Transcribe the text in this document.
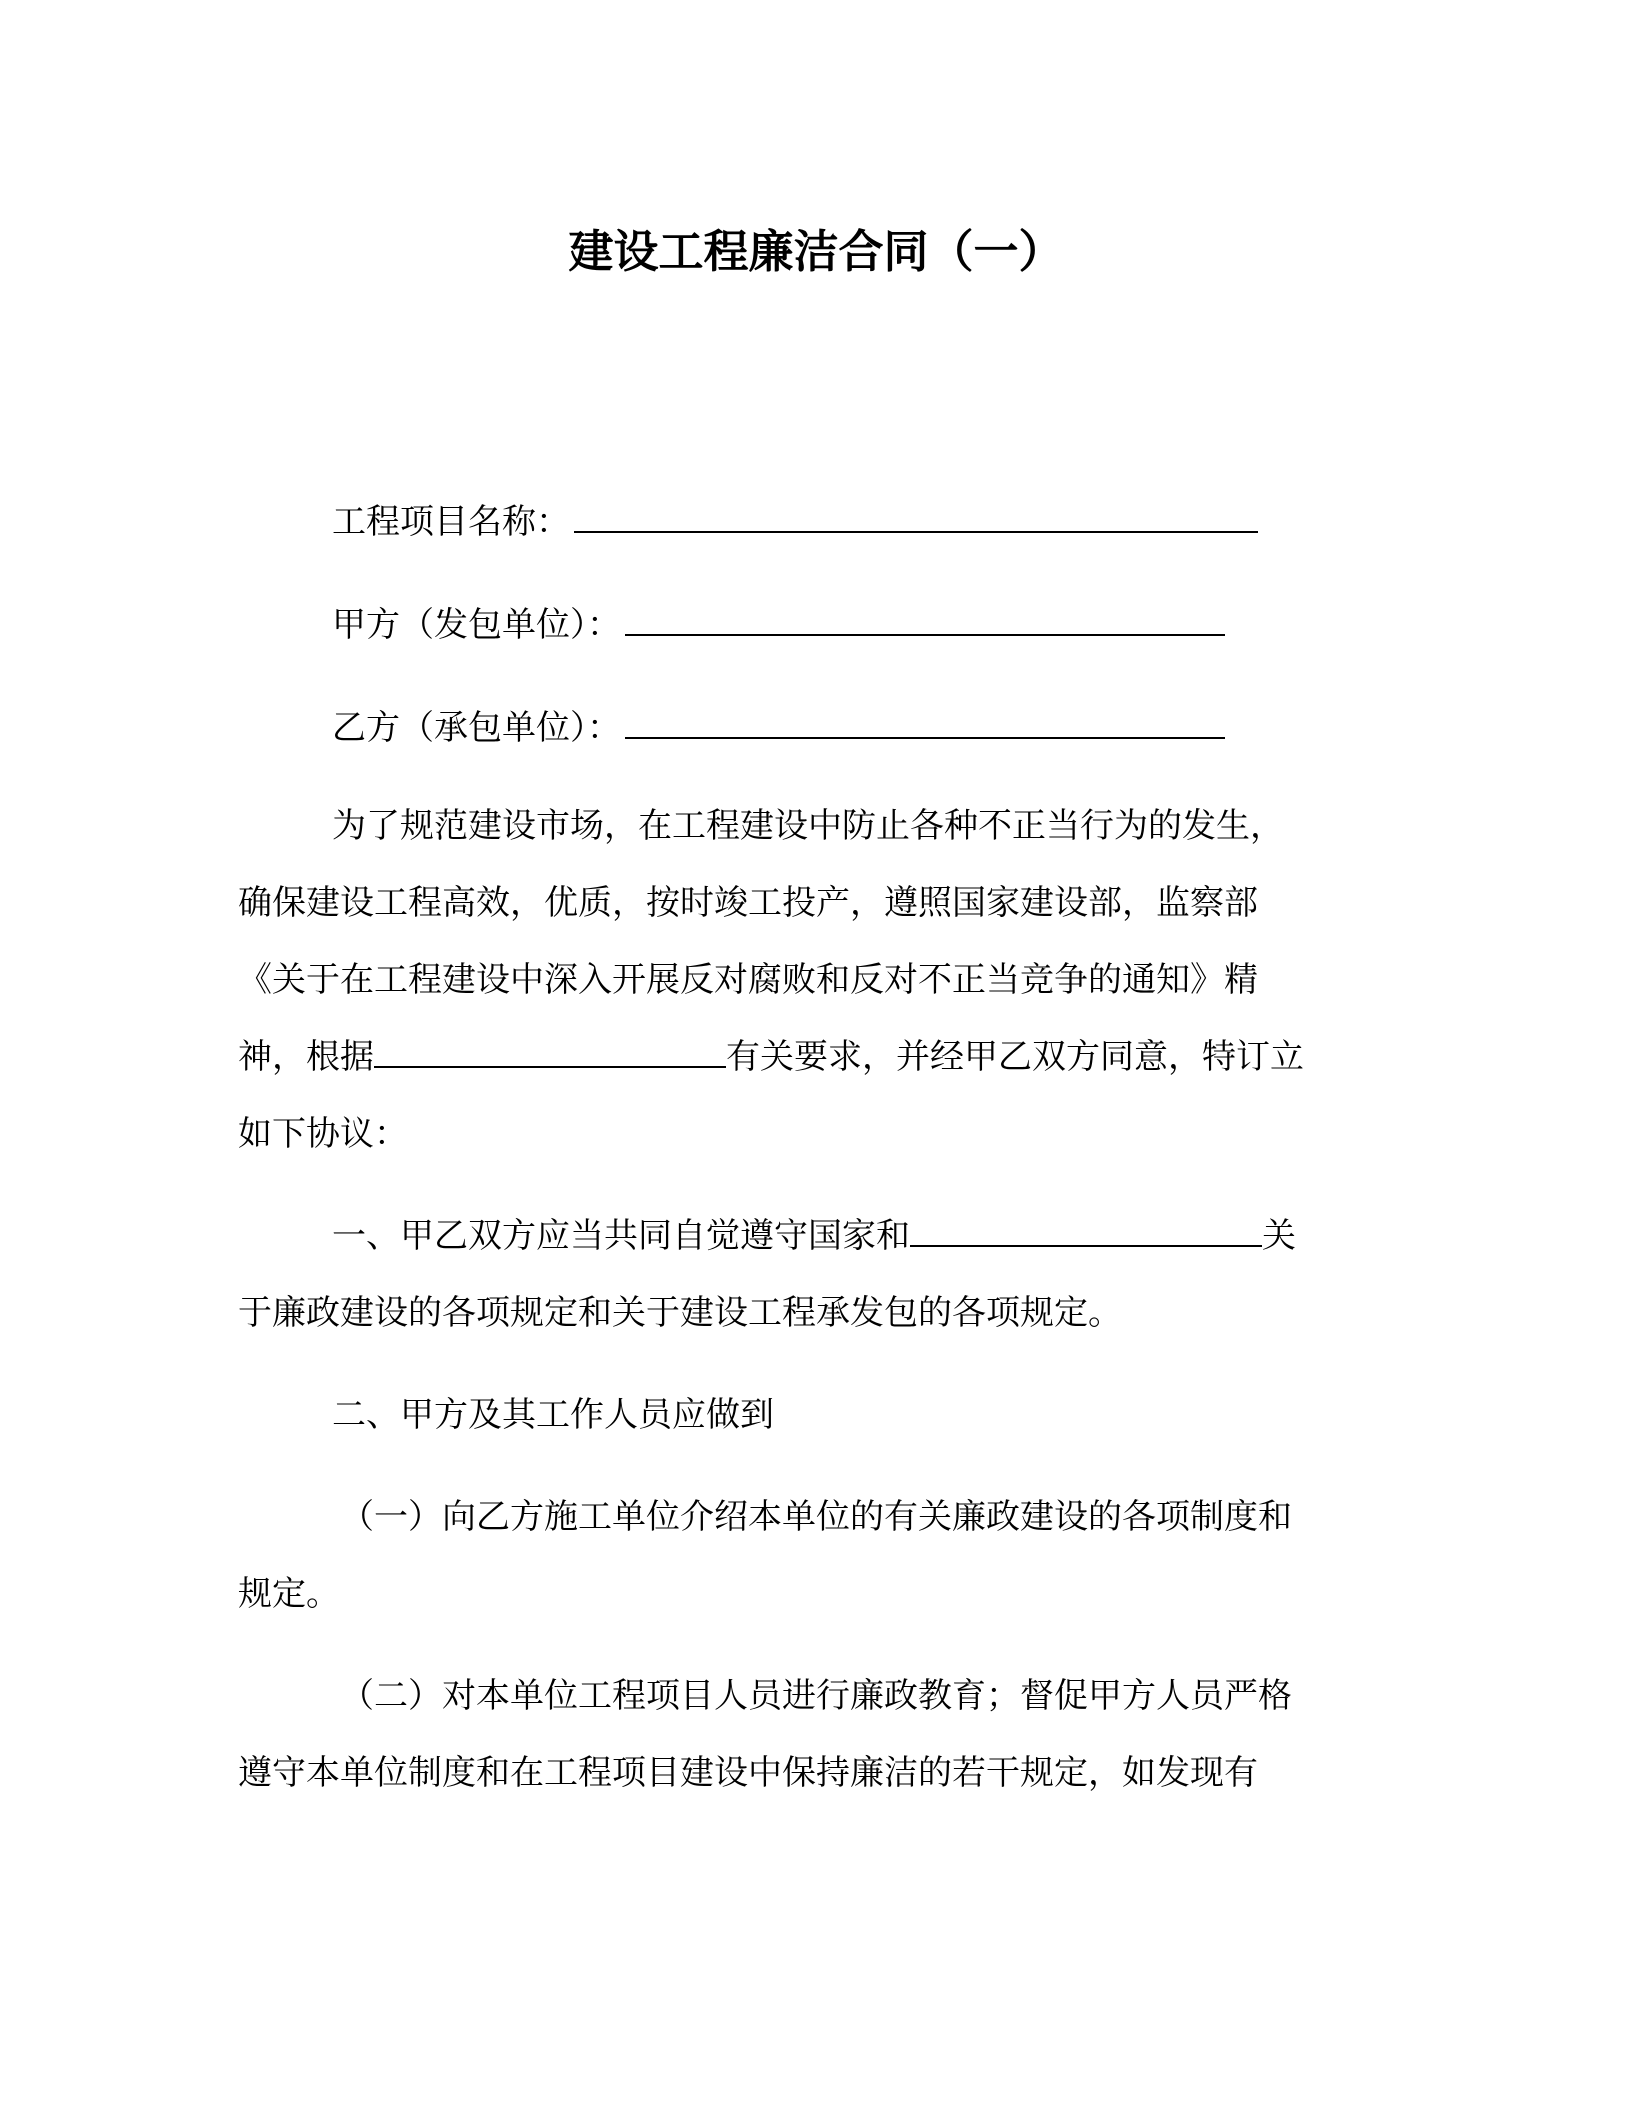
建设工程廉洁合同（一）
工程项目名称：
甲方（发包单位）：
乙方（承包单位）：
为了规范建设市场，在工程建设中防止各种不正当行为的发生，
确保建设工程高效，优质，按时竣工投产，遵照国家建设部，监察部
《关于在工程建设中深入开展反对腐败和反对不正当竞争的通知》精
神，根据	有关要求，并经甲乙双方同意，特订立
如下协议：
一、甲乙双方应当共同自觉遵守国家和	关
于廉政建设的各项规定和关于建设工程承发包的各项规定。
二、甲方及其工作人员应做到
（一）向乙方施工单位介绍本单位的有关廉政建设的各项制度和
规定。
（二）对本单位工程项目人员进行廉政教育；督促甲方人员严格
遵守本单位制度和在工程项目建设中保持廉洁的若干规定，如发现有
